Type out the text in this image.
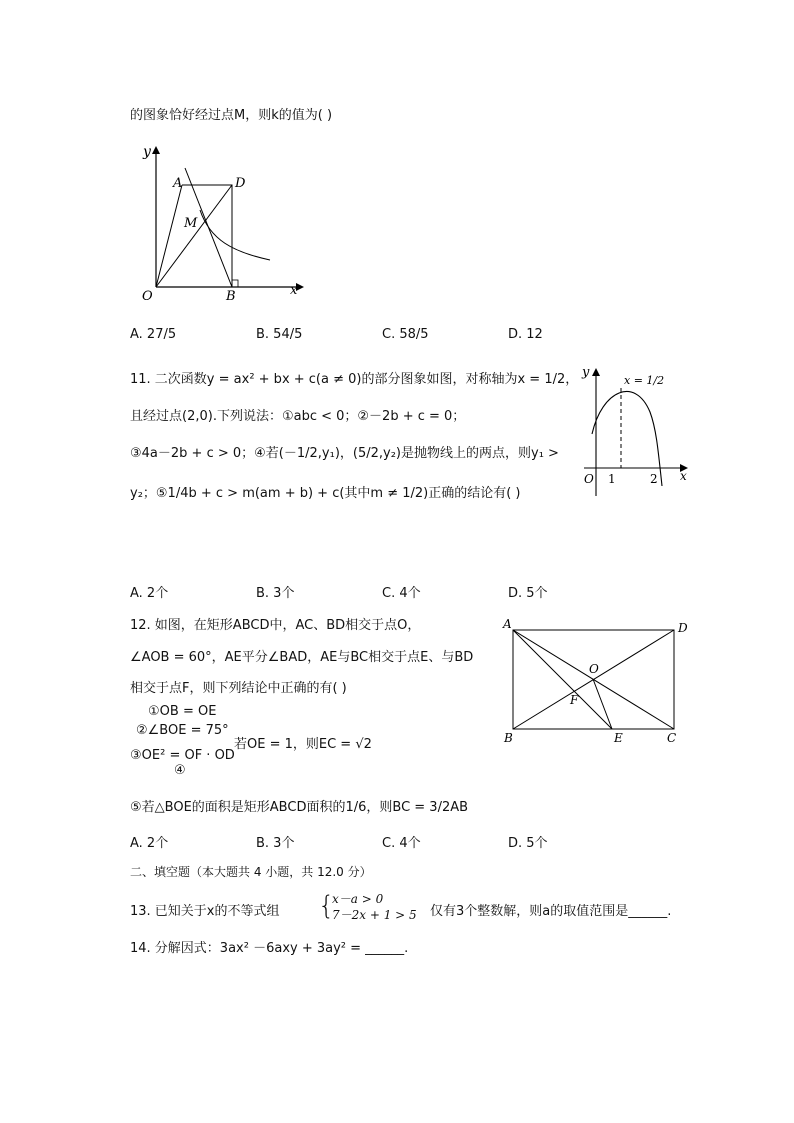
的图象恰好经过点M，则k的值为( )
y
A	D
M
O	B	x
A. 27/5	B. 54/5	C. 58/5	D. 12
11. 二次函数y = ax² + bx + c(a ≠ 0)的部分图象如图，对称轴为x = 1/2，
且经过点(2,0).下列说法：①abc < 0；②－2b + c = 0；
③4a－2b + c > 0；④若(－1/2,y₁)，(5/2,y₂)是抛物线上的两点，则y₁ >
y₂；⑤1/4b + c > m(am + b) + c(其中m ≠ 1/2)正确的结论有( )
y
x = 1/2
O 1	2 x
A. 2个	B. 3个	C. 4个	D. 5个
12. 如图，在矩形ABCD中，AC、BD相交于点O，
∠AOB = 60°，AE平分∠BAD，AE与BC相交于点E、与BD
相交于点F，则下列结论中正确的有( )
①OB = OE
②∠BOE = 75°
若OE = 1，则EC = √2
③OE² = OF · OD
④
⑤若△BOE的面积是矩形ABCD面积的1/6，则BC = 3/2AB
A	D
O
F
B	E	C
A. 2个	B. 3个	C. 4个	D. 5个
二、填空题（本大题共 4 小题，共 12.0 分）
13. 已知关于x的不等式组 {
x－a > 0
7－2x + 1 > 5 仅有3个整数解，则a的取值范围是______.
14. 分解因式：3ax² －6axy + 3ay² = ______.
